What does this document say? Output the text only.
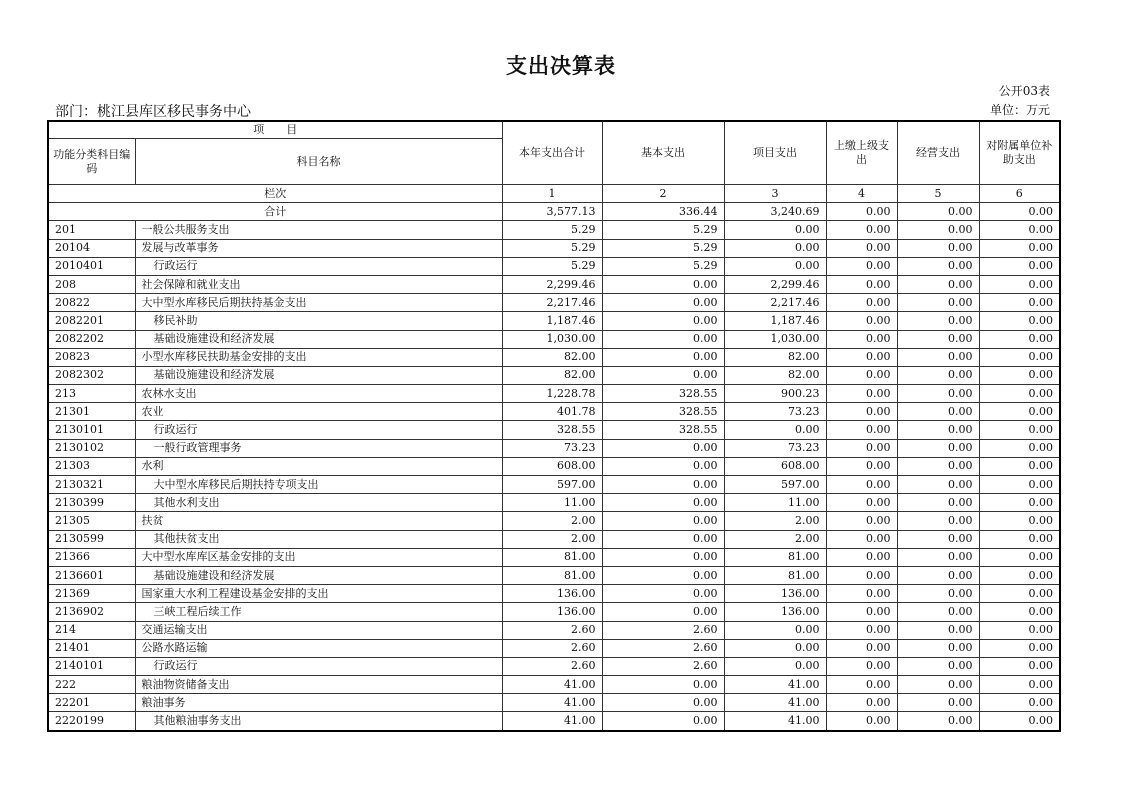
支出决算表
公开03表
部门：桃江县库区移民事务中心	单位：万元
项　　目		本年支出合计	基本支出	项目支出	上缴上级支出	经营支出	对附属单位补助支出
功能分类科目编码	科目名称						
栏次		1	2	3	4	5	6
合计		3,577.13	336.44	3,240.69	0.00	0.00	0.00
201	一般公共服务支出	5.29	5.29	0.00	0.00	0.00	0.00
20104	发展与改革事务	5.29	5.29	0.00	0.00	0.00	0.00
2010401	行政运行	5.29	5.29	0.00	0.00	0.00	0.00
208	社会保障和就业支出	2,299.46	0.00	2,299.46	0.00	0.00	0.00
20822	大中型水库移民后期扶持基金支出	2,217.46	0.00	2,217.46	0.00	0.00	0.00
2082201	移民补助	1,187.46	0.00	1,187.46	0.00	0.00	0.00
2082202	基础设施建设和经济发展	1,030.00	0.00	1,030.00	0.00	0.00	0.00
20823	小型水库移民扶助基金安排的支出	82.00	0.00	82.00	0.00	0.00	0.00
2082302	基础设施建设和经济发展	82.00	0.00	82.00	0.00	0.00	0.00
213	农林水支出	1,228.78	328.55	900.23	0.00	0.00	0.00
21301	农业	401.78	328.55	73.23	0.00	0.00	0.00
2130101	行政运行	328.55	328.55	0.00	0.00	0.00	0.00
2130102	一般行政管理事务	73.23	0.00	73.23	0.00	0.00	0.00
21303	水利	608.00	0.00	608.00	0.00	0.00	0.00
2130321	大中型水库移民后期扶持专项支出	597.00	0.00	597.00	0.00	0.00	0.00
2130399	其他水利支出	11.00	0.00	11.00	0.00	0.00	0.00
21305	扶贫	2.00	0.00	2.00	0.00	0.00	0.00
2130599	其他扶贫支出	2.00	0.00	2.00	0.00	0.00	0.00
21366	大中型水库库区基金安排的支出	81.00	0.00	81.00	0.00	0.00	0.00
2136601	基础设施建设和经济发展	81.00	0.00	81.00	0.00	0.00	0.00
21369	国家重大水利工程建设基金安排的支出	136.00	0.00	136.00	0.00	0.00	0.00
2136902	三峡工程后续工作	136.00	0.00	136.00	0.00	0.00	0.00
214	交通运输支出	2.60	2.60	0.00	0.00	0.00	0.00
21401	公路水路运输	2.60	2.60	0.00	0.00	0.00	0.00
2140101	行政运行	2.60	2.60	0.00	0.00	0.00	0.00
222	粮油物资储备支出	41.00	0.00	41.00	0.00	0.00	0.00
22201	粮油事务	41.00	0.00	41.00	0.00	0.00	0.00
2220199	其他粮油事务支出	41.00	0.00	41.00	0.00	0.00	0.00
